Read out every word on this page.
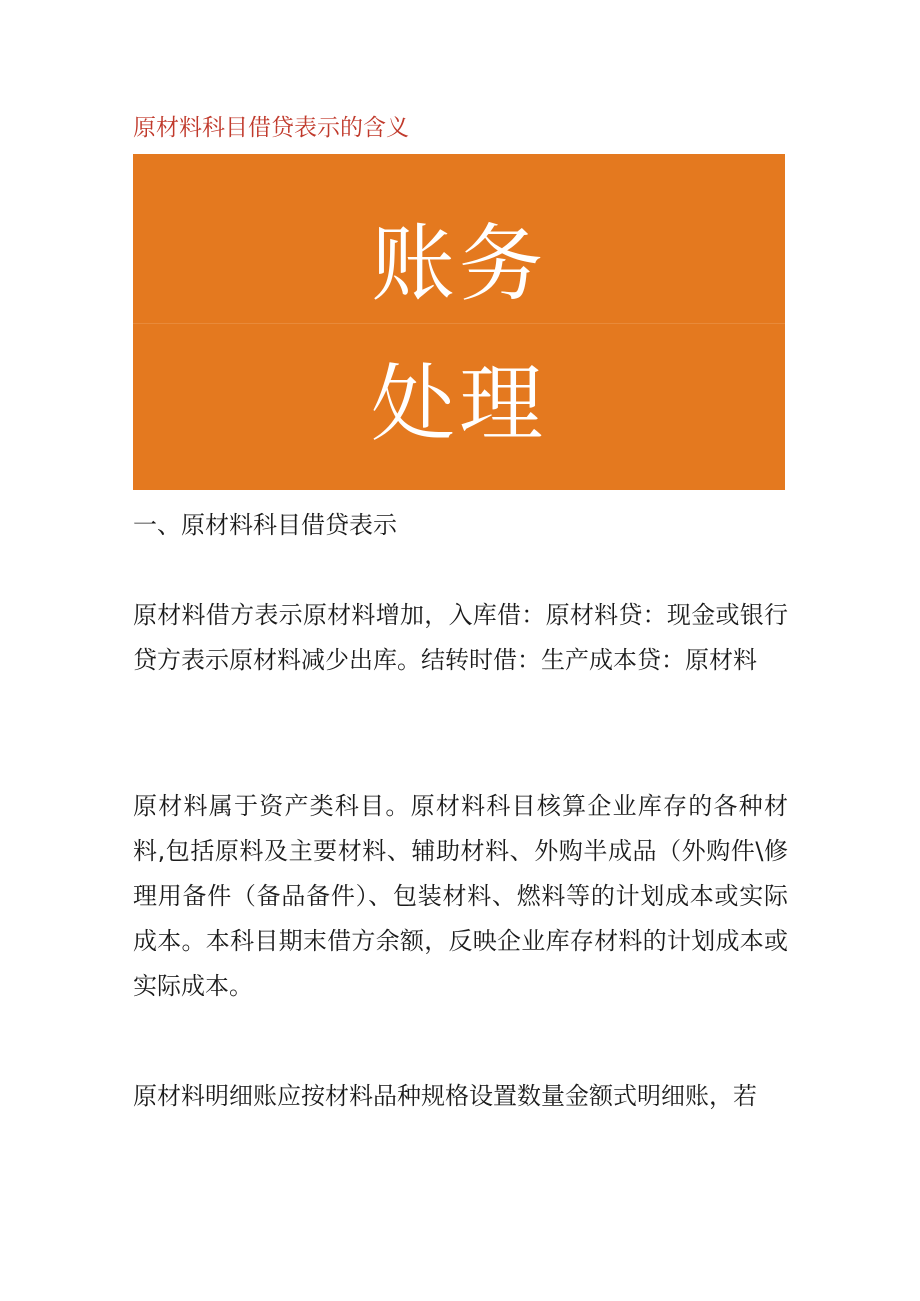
原材料科目借贷表示的含义
账务
处理
一、原材料科目借贷表示

原材料借方表示原材料增加，入库借：原材料贷：现金或银行贷方表示原材料减少出库。结转时借：生产成本贷：原材料

原材料属于资产类科目。原材料科目核算企业库存的各种材料,包括原料及主要材料、辅助材料、外购半成品（外购件\修理用备件（备品备件）、包装材料、燃料等的计划成本或实际成本。本科目期末借方余额，反映企业库存材料的计划成本或实际成本。

原材料明细账应按材料品种规格设置数量金额式明细账，若
